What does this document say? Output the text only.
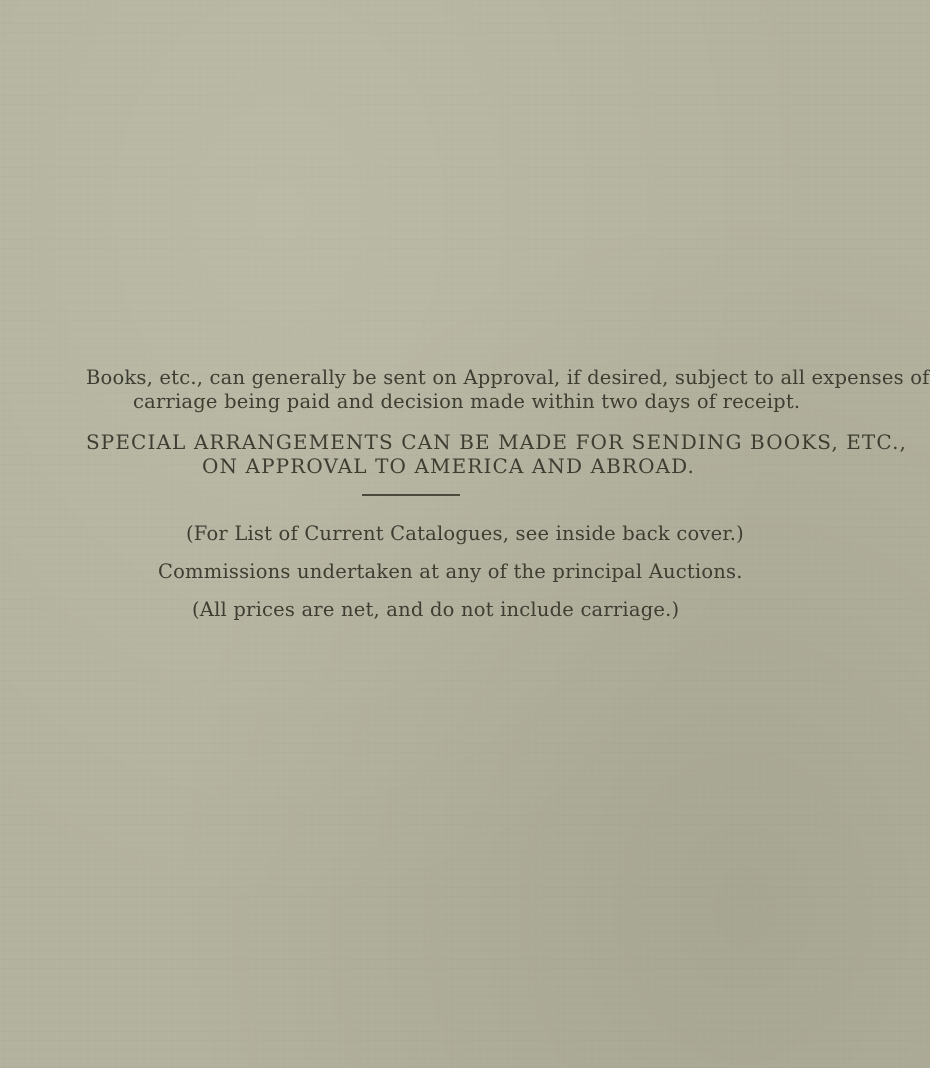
Books, etc., can generally be sent on Approval, if desired, subject to all expenses of
carriage being paid and decision made within two days of receipt.
SPECIAL ARRANGEMENTS CAN BE MADE FOR SENDING BOOKS, ETC.,
ON APPROVAL TO AMERICA AND ABROAD.
(For List of Current Catalogues, see inside back cover.)
Commissions undertaken at any of the principal Auctions.
(All prices are net, and do not include carriage.)
